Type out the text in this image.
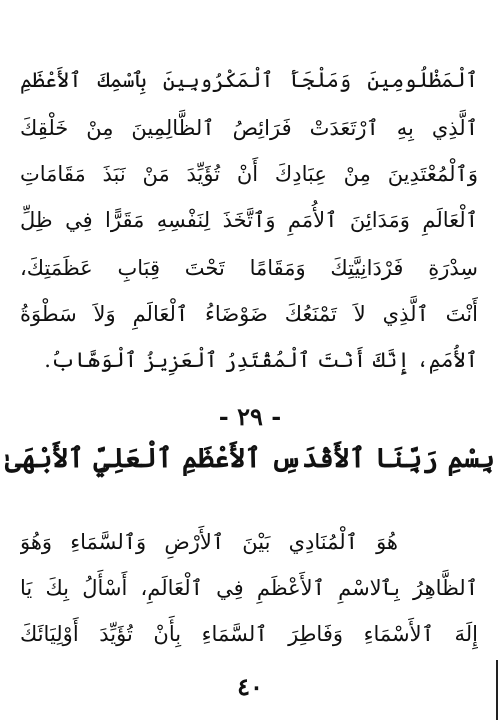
ٱلْمَظْلُومِينَ وَمَلْجَأَ ٱلْمَكْرُوبِينَ بِٱسْمِكَ ٱلأَعْظَمِ
ٱلَّذِي بِهِ ٱرْتَعَدَتْ فَرَائِصُ ٱلظَّالِمِينَ مِنْ خَلْقِكَ
وَٱلْمُعْتَدِينَ مِنْ عِبَادِكَ أَنْ تُؤَيِّدَ مَنْ نَبَذَ مَقَامَاتِ
ٱلْعَالَمِ وَمَدَائِنَ ٱلأُمَمِ وَٱتَّخَذَ لِنَفْسِهِ مَقَرًّا فِي ظِلِّ
سِدْرَةِ فَرْدَانِيَّتِكَ وَمَقَامًا تَحْتَ قِبَابِ عَظَمَتِكَ،
أَنْتَ ٱلَّذِي لاَ تَمْنَعُكَ ضَوْضَاءُ ٱلْعَالَمِ وَلاَ سَطْوَةُ
ٱلأُمَمِ، إِنَّكَ أَنْتَ ٱلْمُقْتَدِرُ ٱلْعَزِيزُ ٱلْوَهَّابُ.
- ٢٩ -
بِسْمِ رَبِّنَا ٱلأَقْدَسِ ٱلأَعْظَمِ ٱلْعَلِيِّ ٱلأَبْهَىٰ
هُوَ ٱلْمُنَادِي بَيْنَ ٱلأَرْضِ وَٱلسَّمَاءِ وَهُوَ
ٱلظَّاهِرُ بِٱلاسْمِ ٱلأَعْظَمِ فِي ٱلْعَالَمِ، أَسْأَلُ بِكَ يَا
إِلَهَ ٱلأَسْمَاءِ وَفَاطِرَ ٱلسَّمَاءِ بِأَنْ تُؤَيِّدَ أَوْلِيَائَكَ
٤٠
